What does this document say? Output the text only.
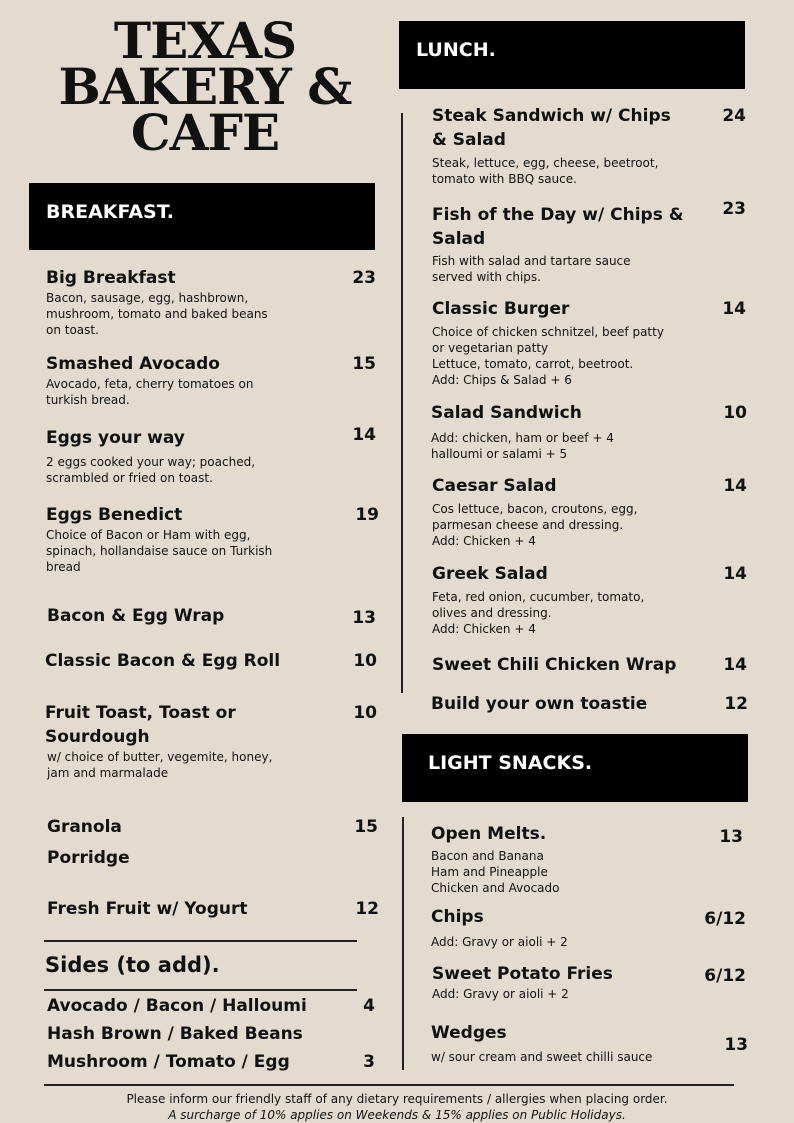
TEXAS
BAKERY &
CAFE
BREAKFAST.
Big Breakfast	23
Bacon, sausage, egg, hashbrown,
mushroom, tomato and baked beans
on toast.
Smashed Avocado	15
Avocado, feta, cherry tomatoes on
turkish bread.
Eggs your way	14
2 eggs cooked your way; poached,
scrambled or fried on toast.
Eggs Benedict	19
Choice of Bacon or Ham with egg,
spinach, hollandaise sauce on Turkish
bread
Bacon & Egg Wrap	13
Classic Bacon & Egg Roll	10
Fruit Toast, Toast or
Sourdough
10
w/ choice of butter, vegemite, honey,
jam and marmalade
Granola	15
Porridge
Fresh Fruit w/ Yogurt	12
Sides (to add).
Avocado / Bacon / Halloumi	4
Hash Brown / Baked Beans
Mushroom / Tomato / Egg	3
LUNCH.
Steak Sandwich w/ Chips
& Salad
24
Steak, lettuce, egg, cheese, beetroot,
tomato with BBQ sauce.
Fish of the Day w/ Chips &
Salad
23
Fish with salad and tartare sauce
served with chips.
Classic Burger	14
Choice of chicken schnitzel, beef patty
or vegetarian patty
Lettuce, tomato, carrot, beetroot.
Add: Chips & Salad + 6
Salad Sandwich	10
Add: chicken, ham or beef + 4
halloumi or salami + 5
Caesar Salad	14
Cos lettuce, bacon, croutons, egg,
parmesan cheese and dressing.
Add: Chicken + 4
Greek Salad	14
Feta, red onion, cucumber, tomato,
olives and dressing.
Add: Chicken + 4
Sweet Chili Chicken Wrap	14
Build your own toastie	12
LIGHT SNACKS.
Open Melts.	13
Bacon and Banana
Ham and Pineapple
Chicken and Avocado
Chips	6/12
Add: Gravy or aioli + 2
Sweet Potato Fries	6/12
Add: Gravy or aioli + 2
Wedges
13
w/ sour cream and sweet chilli sauce
Please inform our friendly staff of any dietary requirements / allergies when placing order.
A surcharge of 10% applies on Weekends & 15% applies on Public Holidays.
